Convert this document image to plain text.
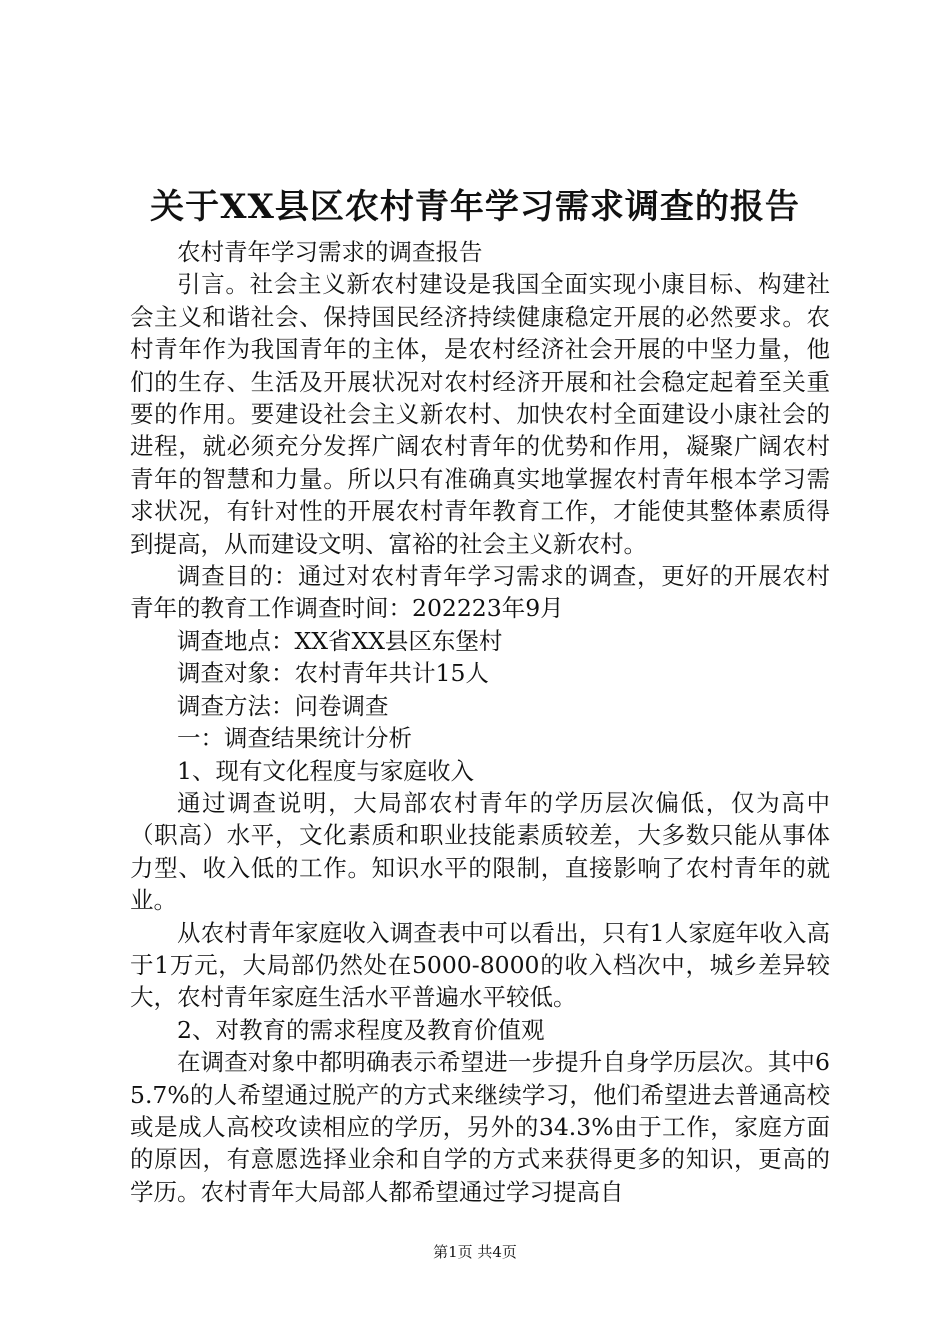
关于XX县区农村青年学习需求调查的报告

农村青年学习需求的调查报告

引言。社会主义新农村建设是我国全面实现小康目标、构建社会主义和谐社会、保持国民经济持续健康稳定开展的必然要求。农村青年作为我国青年的主体，是农村经济社会开展的中坚力量，他们的生存、生活及开展状况对农村经济开展和社会稳定起着至关重要的作用。要建设社会主义新农村、加快农村全面建设小康社会的进程，就必须充分发挥广阔农村青年的优势和作用，凝聚广阔农村青年的智慧和力量。所以只有准确真实地掌握农村青年根本学习需求状况，有针对性的开展农村青年教育工作，才能使其整体素质得到提高，从而建设文明、富裕的社会主义新农村。

调查目的：通过对农村青年学习需求的调查，更好的开展农村青年的教育工作调查时间：202223年9月

调查地点：XX省XX县区东堡村

调查对象：农村青年共计15人

调查方法：问卷调查

一：调查结果统计分析

1、现有文化程度与家庭收入

通过调查说明，大局部农村青年的学历层次偏低，仅为高中（职高）水平，文化素质和职业技能素质较差，大多数只能从事体力型、收入低的工作。知识水平的限制，直接影响了农村青年的就业。

从农村青年家庭收入调查表中可以看出，只有1人家庭年收入高于1万元，大局部仍然处在5000-8000的收入档次中，城乡差异较大，农村青年家庭生活水平普遍水平较低。

2、对教育的需求程度及教育价值观

在调查对象中都明确表示希望进一步提升自身学历层次。其中65.7%的人希望通过脱产的方式来继续学习，他们希望进去普通高校或是成人高校攻读相应的学历，另外的34.3%由于工作，家庭方面的原因，有意愿选择业余和自学的方式来获得更多的知识，更高的学历。农村青年大局部人都希望通过学习提高自

第1页 共4页
